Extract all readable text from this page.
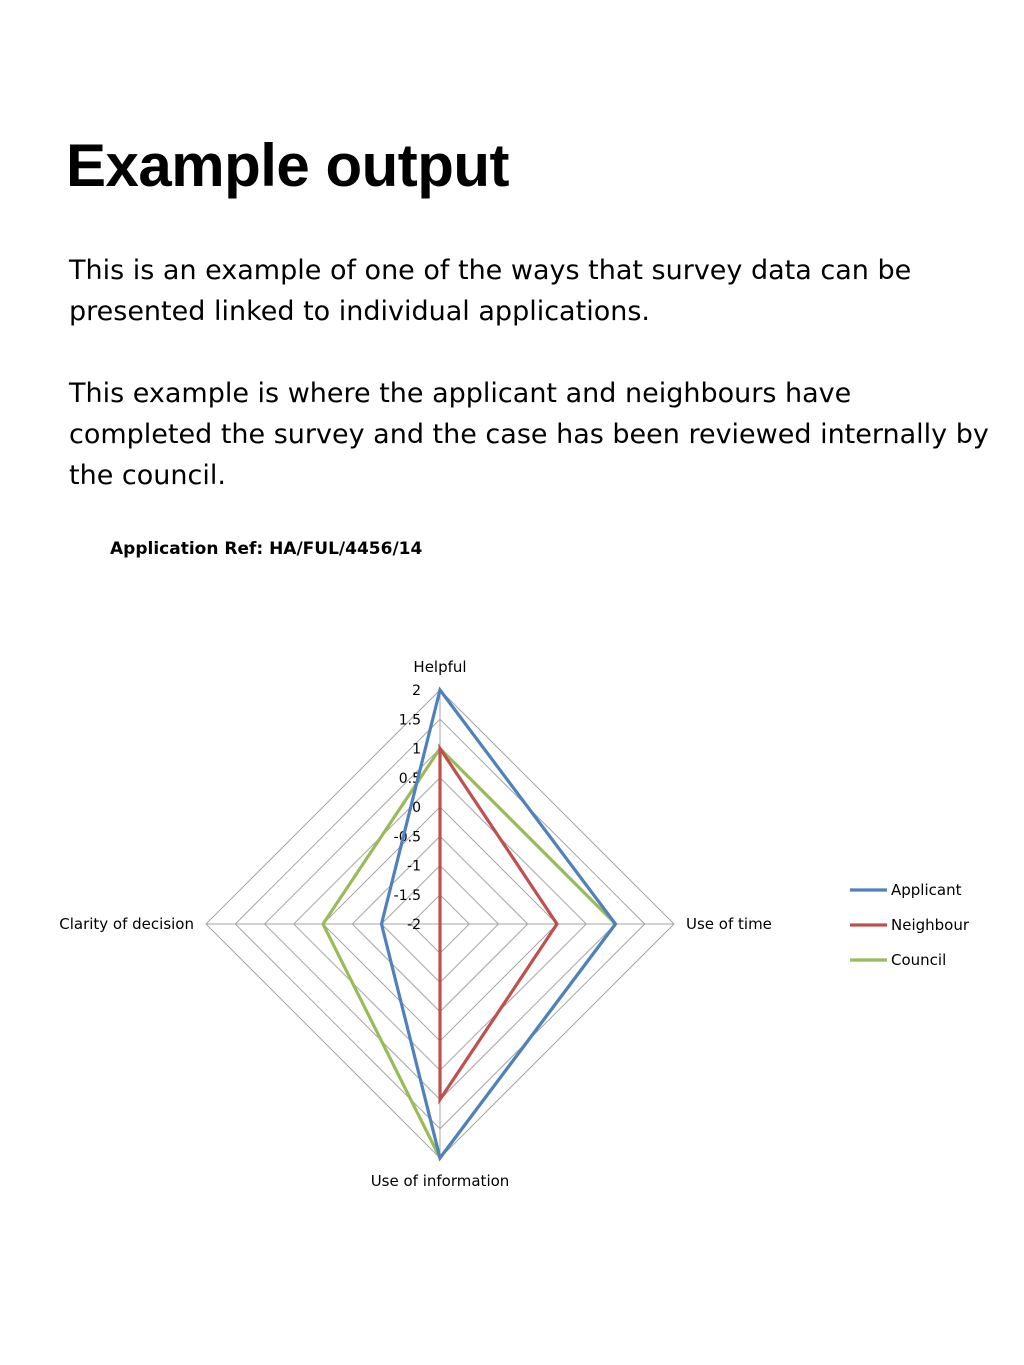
Example output

This is an example of one of the ways that survey data can be presented linked to individual applications.

This example is where the applicant and neighbours have completed the survey and the case has been reviewed internally by the council.

Application Ref: HA/FUL/4456/14

2
1.5
1
0.5
0
-0.5
-1
-1.5
-2
Helpful
Use of time
Use of information
Clarity of decision
Applicant
Neighbour
Council
